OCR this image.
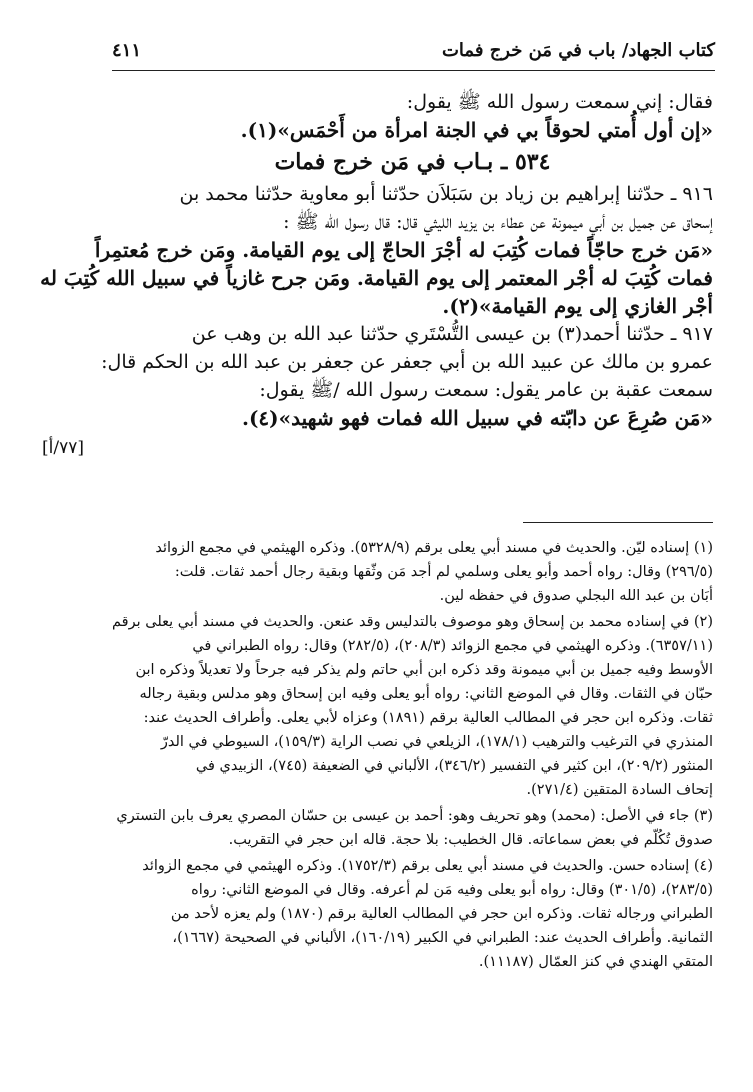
كتاب الجهاد/ باب في مَن خرج فمات
٤١١
فقال: إني سمعت رسول الله ﷺ يقول:
«إن أول أُمتي لحوقاً بي في الجنة امرأة من أَحْمَس»(١).
٥٣٤ ـ بـاب في مَن خرج فمات
٩١٦ ـ حدّثنا إبراهيم بن زياد بن سَبَلاَن حدّثنا أبو معاوية حدّثنا محمد بن
إسحاق عن جميل بن أبي ميمونة عن عطاء بن يزيد الليثي قال: قال رسول الله ﷺ :
«مَن خرج حاجّاً فمات كُتِبَ له أجْرَ الحاجّ إلى يوم القيامة. ومَن خرج مُعتمِراً
فمات كُتِبَ له أجْر المعتمر إلى يوم القيامة. ومَن جرح غازياً في سبيل الله كُتِبَ له
أجْر الغازي إلى يوم القيامة»(٢).
٩١٧ ـ حدّثنا أحمد(٣) بن عيسى التُّسْتَري حدّثنا عبد الله بن وهب عن
عمرو بن مالك عن عبيد الله بن أبي جعفر عن جعفر بن عبد الله بن الحكم قال:
سمعت عقبة بن عامر يقول: سمعت رسول الله /ﷺ يقول:
«مَن صُرِعَ عن دابّته في سبيل الله فمات فهو شهيد»(٤).
[٧٧/أ]
(١) إسناده ليّن. والحديث في مسند أبي يعلى برقم (٥٣٢٨/٩). وذكره الهيثمي في مجمع الزوائد
(٢٩٦/٥) وقال: رواه أحمد وأبو يعلى وسلمي لم أجد مَن وثّقها وبقية رجال أحمد ثقات. قلت:
أبَان بن عبد الله البجلي صدوق في حفظه لين.
(٢) في إسناده محمد بن إسحاق وهو موصوف بالتدليس وقد عنعن. والحديث في مسند أبي يعلى برقم
(٦٣٥٧/١١). وذكره الهيثمي في مجمع الزوائد (٢٠٨/٣)، (٢٨٢/٥) وقال: رواه الطبراني في
الأوسط وفيه جميل بن أبي ميمونة وقد ذكره ابن أبي حاتم ولم يذكر فيه جرحاً ولا تعديلاً وذكره ابن
حبّان في الثقات. وقال في الموضع الثاني: رواه أبو يعلى وفيه ابن إسحاق وهو مدلس وبقية رجاله
ثقات. وذكره ابن حجر في المطالب العالية برقم (١٨٩١) وعزاه لأبي يعلى. وأطراف الحديث عند:
المنذري في الترغيب والترهيب (١٧٨/١)، الزيلعي في نصب الراية (١٥٩/٣)، السيوطي في الدرّ
المنثور (٢٠٩/٢)، ابن كثير في التفسير (٣٤٦/٢)، الألباني في الضعيفة (٧٤٥)، الزبيدي في
إتحاف السادة المتقين (٢٧١/٤).
(٣) جاء في الأصل: (محمد) وهو تحريف وهو: أحمد بن عيسى بن حسّان المصري يعرف بابن التستري
صدوق تُكُلّم في بعض سماعاته. قال الخطيب: بلا حجة. قاله ابن حجر في التقريب.
(٤) إسناده حسن. والحديث في مسند أبي يعلى برقم (١٧٥٢/٣). وذكره الهيثمي في مجمع الزوائد
(٢٨٣/٥)، (٣٠١/٥) وقال: رواه أبو يعلى وفيه مَن لم أعرفه. وقال في الموضع الثاني: رواه
الطبراني ورجاله ثقات. وذكره ابن حجر في المطالب العالية برقم (١٨٧٠) ولم يعزه لأحد من
الثمانية. وأطراف الحديث عند: الطبراني في الكبير (١٦٠/١٩)، الألباني في الصحيحة (١٦٦٧)،
المتقي الهندي في كنز العمّال (١١١٨٧).
